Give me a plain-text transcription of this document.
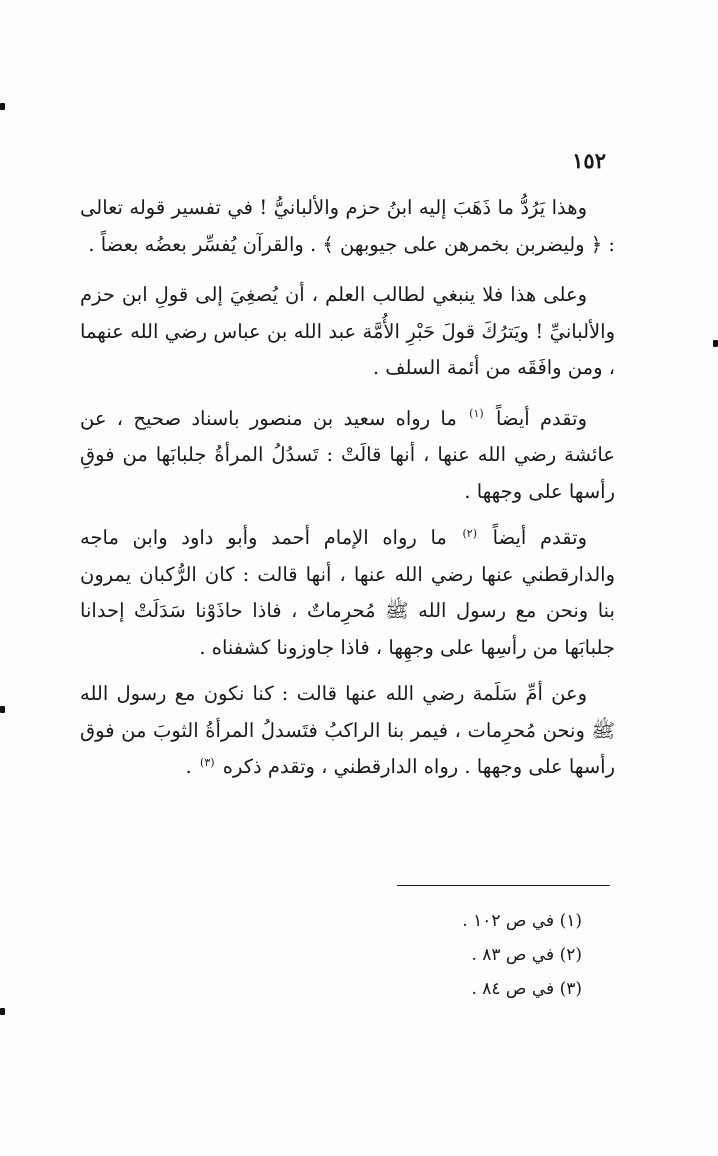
١٥٢

وهذا يَرُدُّ ما ذَهَبَ إليه ابنُ حزم والألبانيُّ ! في تفسير قوله تعالى : ﴿ وليضربن بخمرهن على جيوبهن ﴾ . والقرآن يُفسِّر بعضُه بعضاً .

وعلى هذا فلا ينبغي لطالب العلم ، أن يُصغِيَ إلى قولِ ابن حزم والألبانيِّ ! ويَترُكَ قولَ حَبْرِ الأُمَّة عبد الله بن عباس رضي الله عنهما ، ومن وافَقَه من أئمة السلف .

وتقدم أيضاً $^{(١)}$ ما رواه سعيد بن منصور باسناد صحيح ، عن عائشة رضي الله عنها ، أنها قالَتْ : تَسدُلُ المرأةُ جلبابَها من فوقِ رأسها على وجهها .

وتقدم أيضاً $^{(٢)}$ ما رواه الإمام أحمد وأبو داود وابن ماجه والدارقطني عنها رضي الله عنها ، أنها قالت : كان الرُّكبان يمرون بنا ونحن مع رسول الله ﷺ مُحرِماتٌ ، فاذا حاذَوْنا سَدَلَتْ إحدانا جلبابَها من رأسِها على وجهِها ، فاذا جاوزونا كشفناه .

وعن أمِّ سَلَمة رضي الله عنها قالت : كنا نكون مع رسول الله ﷺ ونحن مُحرِمات ، فيمر بنا الراكبُ فتَسدلُ المرأةُ الثوبَ من فوق رأسها على وجهها . رواه الدارقطني ، وتقدم ذكره $^{(٣)}$ .

(١) في ص ١٠٢ .

(٢) في ص ٨٣ .

(٣) في ص ٨٤ .
